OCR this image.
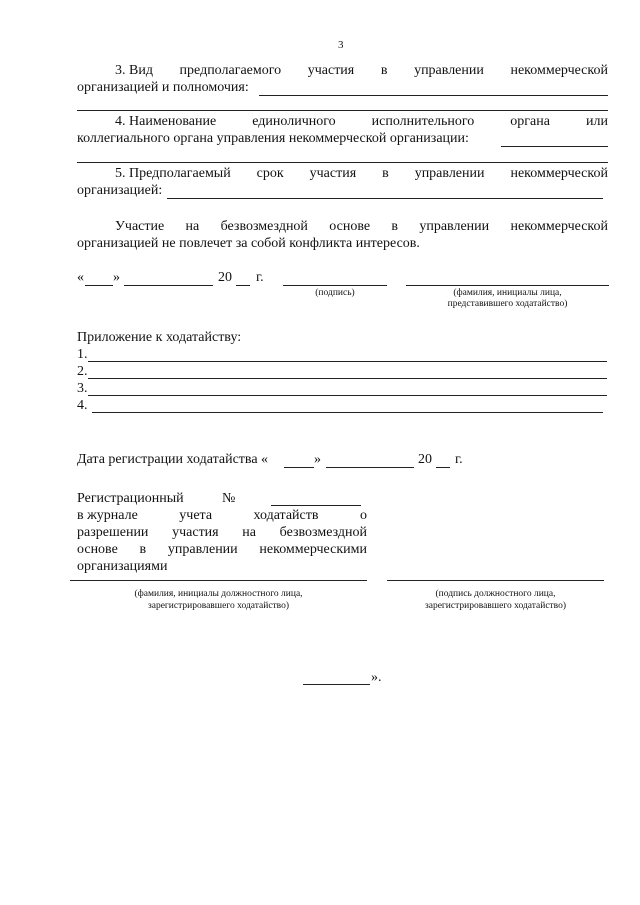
3
3. Вид предполагаемого участия в управлении некоммерческой
организацией и полномочия:
4. Наименование	единоличного	исполнительного	органа	или
коллегиального органа управления некоммерческой организации:
5. Предполагаемый срок участия в управлении некоммерческой
организацией:
Участие на безвозмездной основе в управлении некоммерческой
организацией не повлечет за собой конфликта интересов.
« »	20 г.
(подпись)	(фамилия, инициалы лица,
представившего ходатайство)
Приложение к ходатайству:
1.
2.
3.
4.
Дата регистрации ходатайства «	»	20 г.
Регистрационный	№
в журнале	учета	ходатайств	о
разрешении участия на безвозмездной
основе в управлении некоммерческими
организациями
(фамилия, инициалы должностного лица,
зарегистрировавшего ходатайство)
(подпись должностного лица,
зарегистрировавшего ходатайство)
».
